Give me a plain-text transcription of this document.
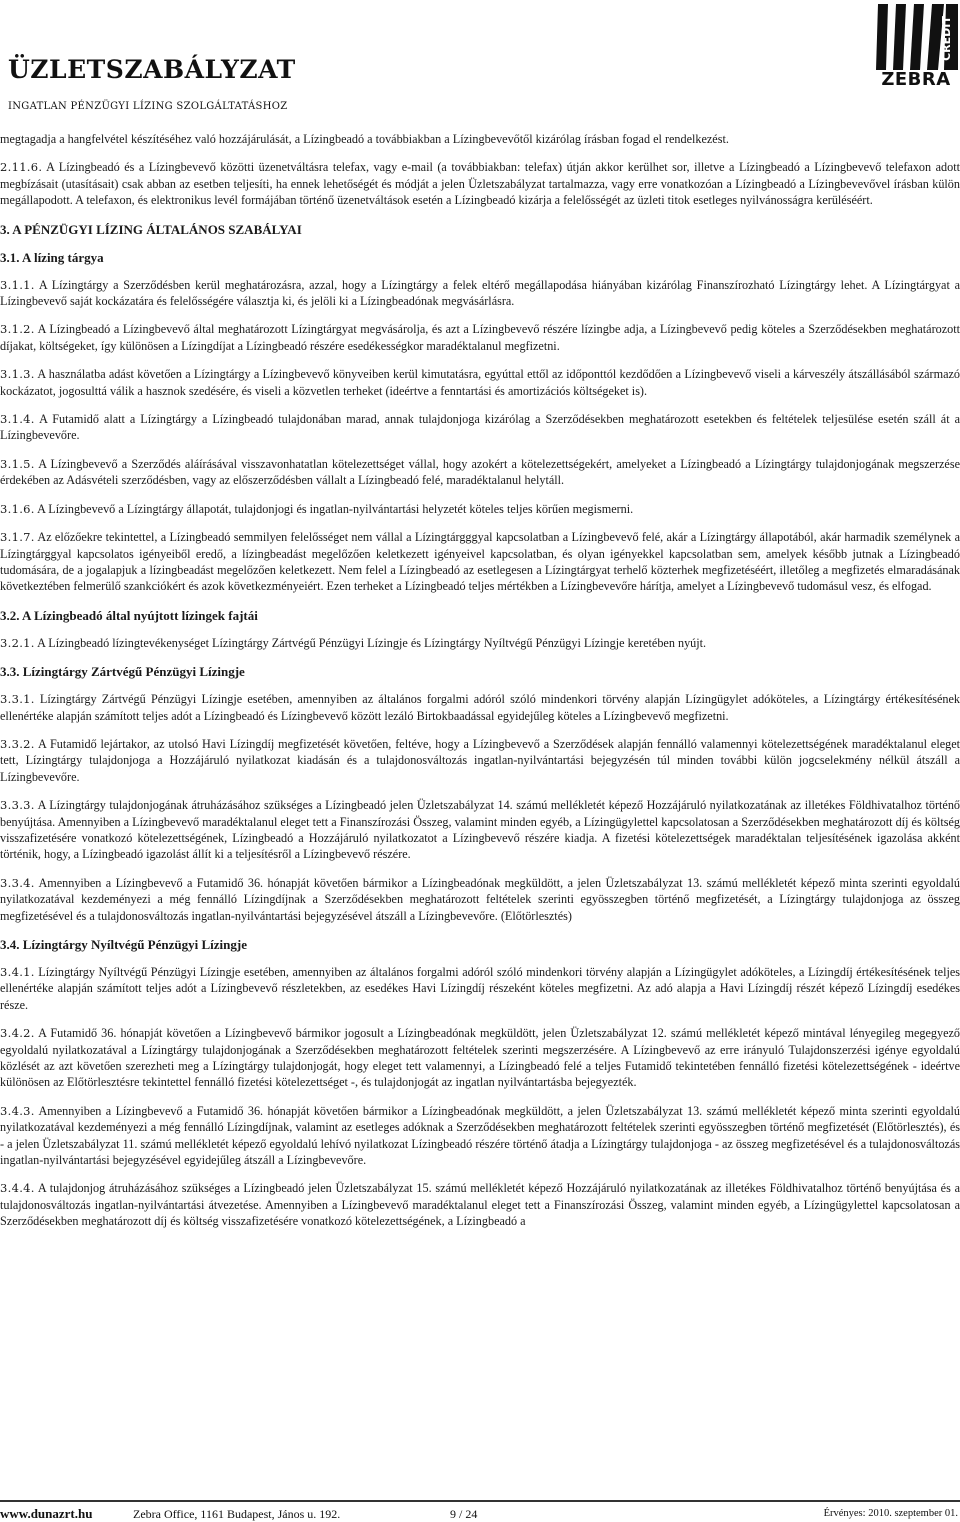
ÜZLETSZABÁLYZAT
INGATLAN PÉNZÜGYI LÍZING SZOLGÁLTATÁSHOZ
CREDIT
ZEBRA

megtagadja a hangfelvétel készítéséhez való hozzájárulását, a Lízingbeadó a továbbiakban a Lízingbevevőtől kizárólag írásban fogad el rendelkezést.

2.11.6. A Lízingbeadó és a Lízingbevevő közötti üzenetváltásra telefax, vagy e-mail (a továbbiakban: telefax) útján akkor kerülhet sor, illetve a Lízingbeadó a Lízingbevevő telefaxon adott megbízásait (utasításait) csak abban az esetben teljesíti, ha ennek lehetőségét és módját a jelen Üzletszabályzat tartalmazza, vagy erre vonatkozóan a Lízingbeadó a Lízingbevevővel írásban külön megállapodott. A telefaxon, és elektronikus levél formájában történő üzenetváltások esetén a Lízingbeadó kizárja a felelősségét az üzleti titok esetleges nyilvánosságra kerüléséért.

3. A PÉNZÜGYI LÍZING ÁLTALÁNOS SZABÁLYAI
3.1. A lízing tárgya

3.1.1. A Lízingtárgy a Szerződésben kerül meghatározásra, azzal, hogy a Lízingtárgy a felek eltérő megállapodása hiányában kizárólag Finanszírozható Lízingtárgy lehet. A Lízingtárgyat a Lízingbevevő saját kockázatára és felelősségére választja ki, és jelöli ki a Lízingbeadónak megvásárlásra.

3.1.2. A Lízingbeadó a Lízingbevevő által meghatározott Lízingtárgyat megvásárolja, és azt a Lízingbevevő részére lízingbe adja, a Lízingbevevő pedig köteles a Szerződésekben meghatározott díjakat, költségeket, így különösen a Lízingdíjat a Lízingbeadó részére esedékességkor maradéktalanul megfizetni.

3.1.3. A használatba adást követően a Lízingtárgy a Lízingbevevő könyveiben kerül kimutatásra, egyúttal ettől az időponttól kezdődően a Lízingbevevő viseli a kárveszély átszállásából származó kockázatot, jogosulttá válik a hasznok szedésére, és viseli a közvetlen terheket (ideértve a fenntartási és amortizációs költségeket is).

3.1.4. A Futamidő alatt a Lízingtárgy a Lízingbeadó tulajdonában marad, annak tulajdonjoga kizárólag a Szerződésekben meghatározott esetekben és feltételek teljesülése esetén száll át a Lízingbevevőre.

3.1.5. A Lízingbevevő a Szerződés aláírásával visszavonhatatlan kötelezettséget vállal, hogy azokért a kötelezettségekért, amelyeket a Lízingbeadó a Lízingtárgy tulajdonjogának megszerzése érdekében az Adásvételi szerződésben, vagy az előszerződésben vállalt a Lízingbeadó felé, maradéktalanul helytáll.

3.1.6. A Lízingbevevő a Lízingtárgy állapotát, tulajdonjogi és ingatlan-nyilvántartási helyzetét köteles teljes körűen megismerni.

3.1.7. Az előzőekre tekintettel, a Lízingbeadó semmilyen felelősséget nem vállal a Lízingtárgggyal kapcsolatban a Lízingbevevő felé, akár a Lízingtárgy állapotából, akár harmadik személynek a Lízingtárggyal kapcsolatos igényeiből eredő, a lízingbeadást megelőzően keletkezett igényeivel kapcsolatban, és olyan igényekkel kapcsolatban sem, amelyek később jutnak a Lízingbeadó tudomására, de a jogalapjuk a lízingbeadást megelőzően keletkezett. Nem felel a Lízingbeadó az esetlegesen a Lízingtárgyat terhelő közterhek megfizetéséért, illetőleg a megfizetés elmaradásának következtében felmerülő szankciókért és azok következményeiért. Ezen terheket a Lízingbeadó teljes mértékben a Lízingbevevőre hárítja, amelyet a Lízingbevevő tudomásul vesz, és elfogad.

3.2. A Lízingbeadó által nyújtott lízingek fajtái

3.2.1. A Lízingbeadó lízingtevékenységet Lízingtárgy Zártvégű Pénzügyi Lízingje és Lízingtárgy Nyíltvégű Pénzügyi Lízingje keretében nyújt.

3.3. Lízingtárgy Zártvégű Pénzügyi Lízingje

3.3.1. Lízingtárgy Zártvégű Pénzügyi Lízingje esetében, amennyiben az általános forgalmi adóról szóló mindenkori törvény alapján Lízingügylet adóköteles, a Lízingtárgy értékesítésének ellenértéke alapján számított teljes adót a Lízingbeadó és Lízingbevevő között lezáló Birtokbaadással egyidejűleg köteles a Lízingbevevő megfizetni.

3.3.2. A Futamidő lejártakor, az utolsó Havi Lízingdíj megfizetését követően, feltéve, hogy a Lízingbevevő a Szerződések alapján fennálló valamennyi kötelezettségének maradéktalanul eleget tett, Lízingtárgy tulajdonjoga a Hozzájáruló nyilatkozat kiadásán és a tulajdonosváltozás ingatlan-nyilvántartási bejegyzésén túl minden további külön jogcselekmény nélkül átszáll a Lízingbevevőre.

3.3.3. A Lízingtárgy tulajdonjogának átruházásához szükséges a Lízingbeadó jelen Üzletszabályzat 14. számú mellékletét képező Hozzájáruló nyilatkozatának az illetékes Földhivatalhoz történő benyújtása. Amennyiben a Lízingbevevő maradéktalanul eleget tett a Finanszírozási Összeg, valamint minden egyéb, a Lízingügylettel kapcsolatosan a Szerződésekben meghatározott díj és költség visszafizetésére vonatkozó kötelezettségének, Lízingbeadó a Hozzájáruló nyilatkozatot a Lízingbevevő részére kiadja. A fizetési kötelezettségek maradéktalan teljesítésének igazolása akként történik, hogy, a Lízingbeadó igazolást állít ki a teljesítésről a Lízingbevevő részére.

3.3.4. Amennyiben a Lízingbevevő a Futamidő 36. hónapját követően bármikor a Lízingbeadónak megküldött, a jelen Üzletszabályzat 13. számú mellékletét képező minta szerinti egyoldalú nyilatkozatával kezdeményezi a még fennálló Lízingdíjnak a Szerződésekben meghatározott feltételek szerinti egyösszegben történő megfizetését, a Lízingtárgy tulajdonjoga az összeg megfizetésével és a tulajdonosváltozás ingatlan-nyilvántartási bejegyzésével átszáll a Lízingbevevőre. (Előtörlesztés)

3.4. Lízingtárgy Nyíltvégű Pénzügyi Lízingje

3.4.1. Lízingtárgy Nyíltvégű Pénzügyi Lízingje esetében, amennyiben az általános forgalmi adóról szóló mindenkori törvény alapján a Lízingügylet adóköteles, a Lízingdíj értékesítésének teljes ellenértéke alapján számított teljes adót a Lízingbevevő részletekben, az esedékes Havi Lízingdíj részeként köteles megfizetni. Az adó alapja a Havi Lízingdíj részét képező Lízingdíj esedékes része.

3.4.2. A Futamidő 36. hónapját követően a Lízingbevevő bármikor jogosult a Lízingbeadónak megküldött, jelen Üzletszabályzat 12. számú mellékletét képező mintával lényegileg megegyező egyoldalú nyilatkozatával a Lízingtárgy tulajdonjogának a Szerződésekben meghatározott feltételek szerinti megszerzésére. A Lízingbevevő az erre irányuló Tulajdonszerzési igénye egyoldalú közlését az azt követően szerezheti meg a Lízingtárgy tulajdonjogát, hogy eleget tett valamennyi, a Lízingbeadó felé a teljes Futamidő tekintetében fennálló fizetési kötelezettségének - ideértve különösen az Előtörlesztésre tekintettel fennálló fizetési kötelezettséget -, és tulajdonjogát az ingatlan nyilvántartásba bejegyezték.

3.4.3. Amennyiben a Lízingbevevő a Futamidő 36. hónapját követően bármikor a Lízingbeadónak megküldött, a jelen Üzletszabályzat 13. számú mellékletét képező minta szerinti egyoldalú nyilatkozatával kezdeményezi a még fennálló Lízingdíjnak, valamint az esetleges adóknak a Szerződésekben meghatározott feltételek szerinti egyösszegben történő megfizetését (Előtörlesztés), és - a jelen Üzletszabályzat 11. számú mellékletét képező egyoldalú lehívó nyilatkozat Lízingbeadó részére történő átadja a Lízingtárgy tulajdonjoga - az összeg megfizetésével és a tulajdonosváltozás ingatlan-nyilvántartási bejegyzésével egyidejűleg átszáll a Lízingbevevőre.

3.4.4. A tulajdonjog átruházásához szükséges a Lízingbeadó jelen Üzletszabályzat 15. számú mellékletét képező Hozzájáruló nyilatkozatának az illetékes Földhivatalhoz történő benyújtása és a tulajdonosváltozás ingatlan-nyilvántartási átvezetése. Amennyiben a Lízingbevevő maradéktalanul eleget tett a Finanszírozási Összeg, valamint minden egyéb, a Lízingügylettel kapcsolatosan a Szerződésekben meghatározott díj és költség visszafizetésére vonatkozó kötelezettségének, a Lízingbeadó a

www.dunazrt.hu	Zebra Office, 1161 Budapest, János u. 192.	9 / 24	Érvényes: 2010. szeptember 01.
